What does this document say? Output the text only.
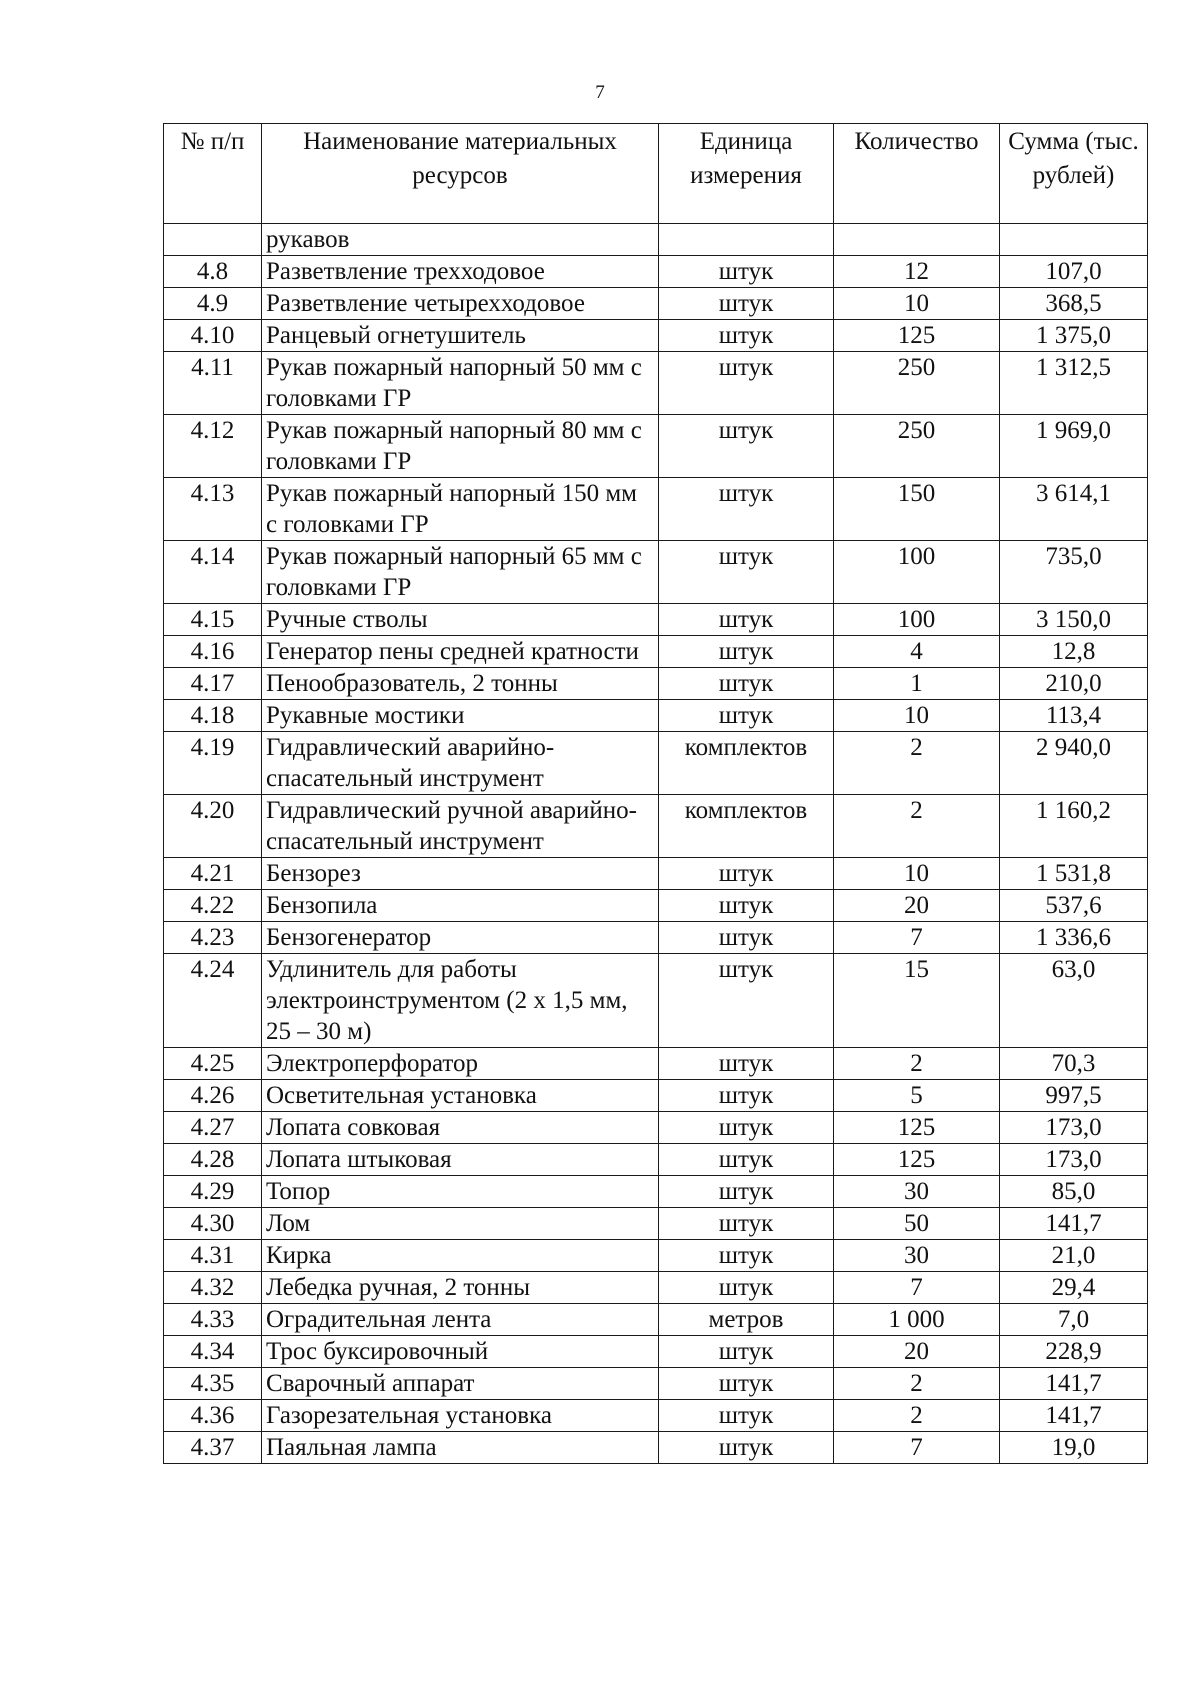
7
№ п/п	Наименование материальных ресурсов	Единица измерения	Количество	Сумма (тыс. рублей)
	рукавов			
4.8	Разветвление трехходовое	штук	12	107,0
4.9	Разветвление четырехходовое	штук	10	368,5
4.10	Ранцевый огнетушитель	штук	125	1 375,0
4.11	Рукав пожарный напорный 50 мм с головками ГР	штук	250	1 312,5
4.12	Рукав пожарный напорный 80 мм с головками ГР	штук	250	1 969,0
4.13	Рукав пожарный напорный 150 мм с головками ГР	штук	150	3 614,1
4.14	Рукав пожарный напорный 65 мм с головками ГР	штук	100	735,0
4.15	Ручные стволы	штук	100	3 150,0
4.16	Генератор пены средней кратности	штук	4	12,8
4.17	Пенообразователь, 2 тонны	штук	1	210,0
4.18	Рукавные мостики	штук	10	113,4
4.19	Гидравлический аварийно-спасательный инструмент	комплектов	2	2 940,0
4.20	Гидравлический ручной аварийно-спасательный инструмент	комплектов	2	1 160,2
4.21	Бензорез	штук	10	1 531,8
4.22	Бензопила	штук	20	537,6
4.23	Бензогенератор	штук	7	1 336,6
4.24	Удлинитель для работы электроинструментом (2 х 1,5 мм, 25 – 30 м)	штук	15	63,0
4.25	Электроперфоратор	штук	2	70,3
4.26	Осветительная установка	штук	5	997,5
4.27	Лопата совковая	штук	125	173,0
4.28	Лопата штыковая	штук	125	173,0
4.29	Топор	штук	30	85,0
4.30	Лом	штук	50	141,7
4.31	Кирка	штук	30	21,0
4.32	Лебедка ручная, 2 тонны	штук	7	29,4
4.33	Оградительная лента	метров	1 000	7,0
4.34	Трос буксировочный	штук	20	228,9
4.35	Сварочный аппарат	штук	2	141,7
4.36	Газорезательная установка	штук	2	141,7
4.37	Паяльная лампа	штук	7	19,0
